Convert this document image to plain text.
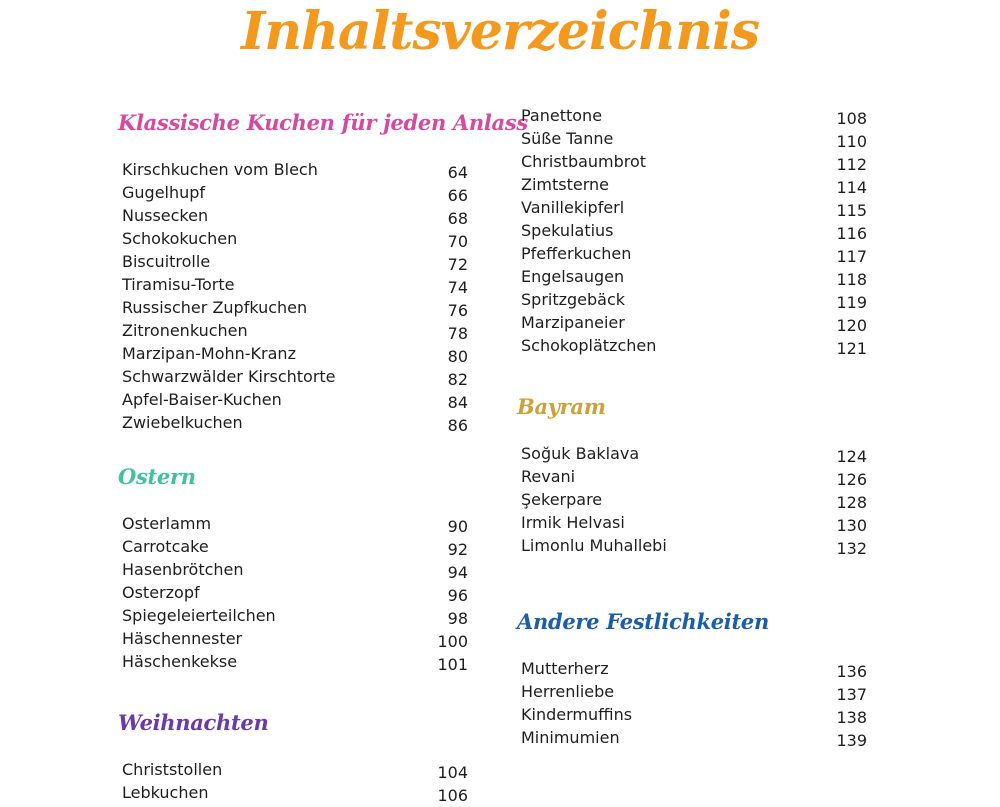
Inhaltsverzeichnis
Klassische Kuchen für jeden Anlass
Kirschkuchen vom Blech	64
Gugelhupf	66
Nussecken	68
Schokokuchen	70
Biscuitrolle	72
Tiramisu-Torte	74
Russischer Zupfkuchen	76
Zitronenkuchen	78
Marzipan-Mohn-Kranz	80
Schwarzwälder Kirschtorte	82
Apfel-Baiser-Kuchen	84
Zwiebelkuchen	86
Ostern
Osterlamm	90
Carrotcake	92
Hasenbrötchen	94
Osterzopf	96
Spiegeleierteilchen	98
Häschennester	100
Häschenkekse	101
Weihnachten
Christstollen	104
Lebkuchen	106
Panettone	108
Süße Tanne	110
Christbaumbrot	112
Zimtsterne	114
Vanillekipferl	115
Spekulatius	116
Pfefferkuchen	117
Engelsaugen	118
Spritzgebäck	119
Marzipaneier	120
Schokoplätzchen	121
Bayram
Soğuk Baklava	124
Revani	126
Şekerpare	128
Irmik Helvasi	130
Limonlu Muhallebi	132
Andere Festlichkeiten
Mutterherz	136
Herrenliebe	137
Kindermuffins	138
Minimumien	139
